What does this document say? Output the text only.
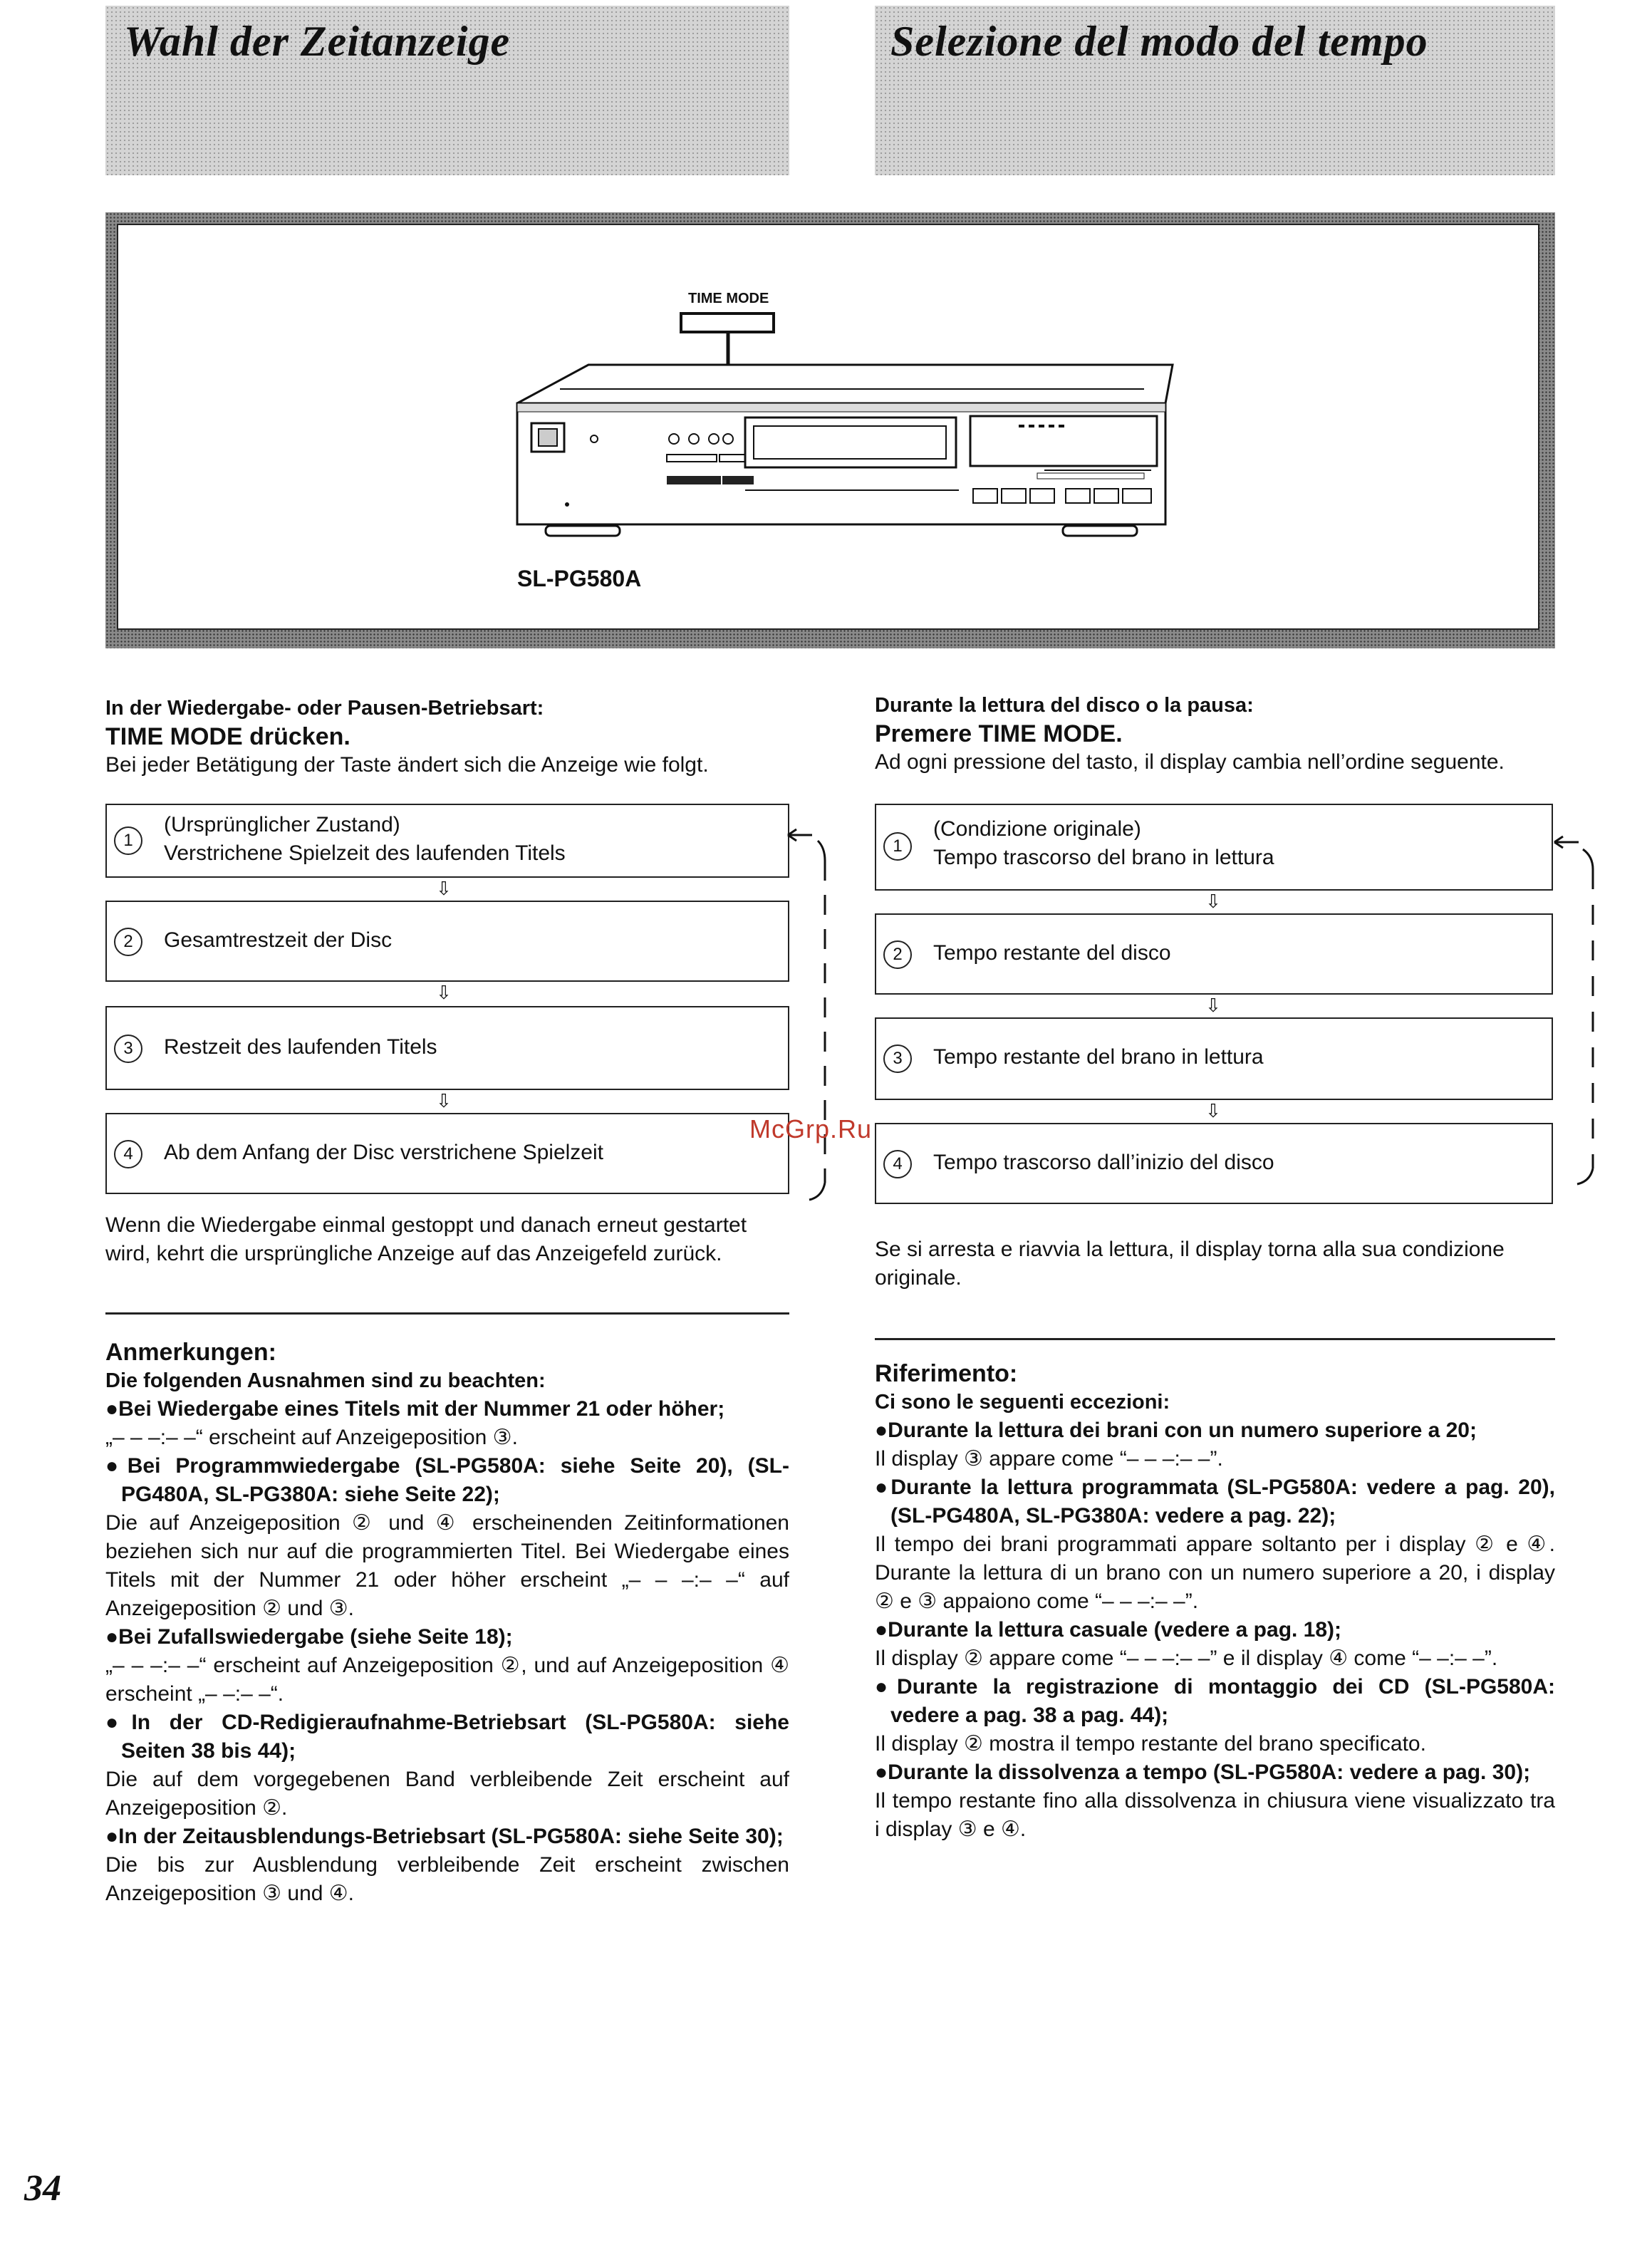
Wahl der Zeitanzeige	Selezione del modo del tempo
TIME MODE
SL-PG580A

In der Wiedergabe- oder Pausen-Betriebsart:

TIME MODE drücken.

Bei jeder Betätigung der Taste ändert sich die Anzeige wie folgt.

1
(Ursprünglicher Zustand)
Verstrichene Spielzeit des laufenden Titels
⇩
2	Gesamtrestzeit der Disc
⇩
3	Restzeit des laufenden Titels
⇩
4	Ab dem Anfang der Disc verstrichene Spielzeit

Wenn die Wiedergabe einmal gestoppt und danach erneut gestartet wird, kehrt die ursprüngliche Anzeige auf das Anzeigefeld zurück.

Anmerkungen:

Die folgenden Ausnahmen sind zu beachten:

●Bei Wiedergabe eines Titels mit der Nummer 21 oder höher;

„– – –:– –“ erscheint auf Anzeigeposition ③.

●Bei Programmwiedergabe (SL-PG580A: siehe Seite 20), (SL-PG480A, SL-PG380A: siehe Seite 22);

Die auf Anzeigeposition ② und ④ erscheinenden Zeitinformationen beziehen sich nur auf die programmierten Titel. Bei Wiedergabe eines Titels mit der Nummer 21 oder höher erscheint „– – –:– –“ auf Anzeigeposition ② und ③.

●Bei Zufallswiedergabe (siehe Seite 18);

„– – –:– –“ erscheint auf Anzeigeposition ②, und auf Anzeigeposition ④ erscheint „– –:– –“.

●In der CD-Redigieraufnahme-Betriebsart (SL-PG580A: siehe Seiten 38 bis 44);

Die auf dem vorgegebenen Band verbleibende Zeit erscheint auf Anzeigeposition ②.

●In der Zeitausblendungs-Betriebsart (SL-PG580A: siehe Seite 30);

Die bis zur Ausblendung verbleibende Zeit erscheint zwischen Anzeigeposition ③ und ④.

Durante la lettura del disco o la pausa:

Premere TIME MODE.

Ad ogni pressione del tasto, il display cambia nell’ordine seguente.

1
(Condizione originale)
Tempo trascorso del brano in lettura
⇩
2	Tempo restante del disco
⇩
3	Tempo restante del brano in lettura
⇩
4	Tempo trascorso dall’inizio del disco

Se si arresta e riavvia la lettura, il display torna alla sua condizione originale.

Riferimento:

Ci sono le seguenti eccezioni:

●Durante la lettura dei brani con un numero superiore a 20;

Il display ③ appare come “– – –:– –”.

●Durante la lettura programmata (SL-PG580A: vedere a pag. 20), (SL-PG480A, SL-PG380A: vedere a pag. 22);

Il tempo dei brani programmati appare soltanto per i display ② e ④. Durante la lettura di un brano con un numero superiore a 20, i display ② e ③ appaiono come “– – –:– –”.

●Durante la lettura casuale (vedere a pag. 18);

Il display ② appare come “– – –:– –” e il display ④ come “– –:– –”.

●Durante la registrazione di montaggio dei CD (SL-PG580A: vedere a pag. 38 a pag. 44);

Il display ② mostra il tempo restante del brano specificato.

●Durante la dissolvenza a tempo (SL-PG580A: vedere a pag. 30);

Il tempo restante fino alla dissolvenza in chiusura viene visualizzato tra i display ③ e ④.

McGrp.Ru
34
